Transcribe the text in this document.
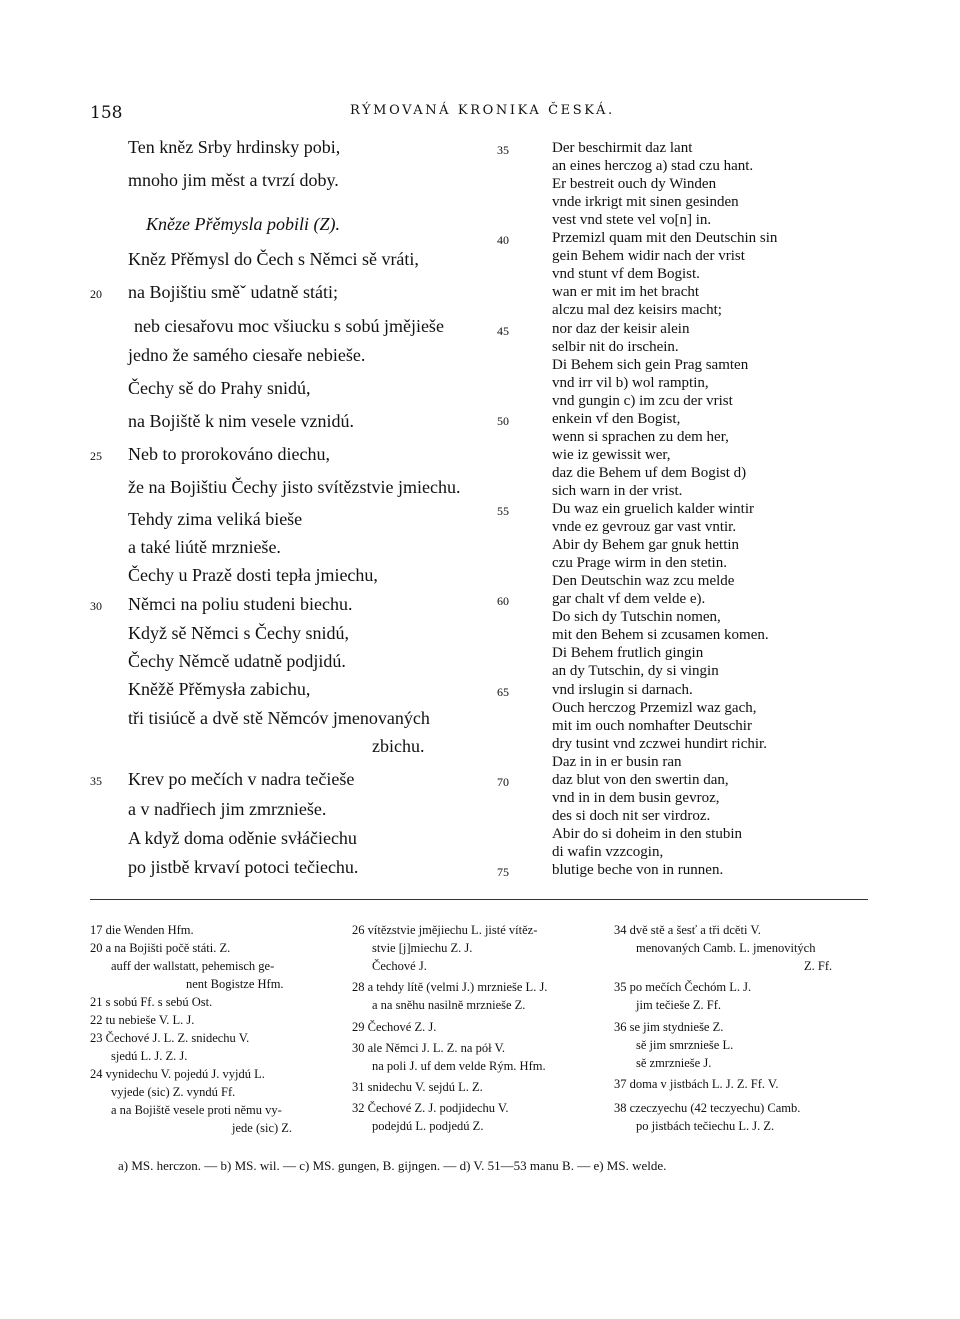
158	RÝMOVANÁ KRONIKA ČESKÁ.
Ten kněz Srby hrdinsky pobi,
mnoho jim měst a tvrzí doby.
Kněze Přěmysla pobili (Z).
Kněz Přěmysl do Čech s Němci sě vráti,
na Bojištiu směˇ udatně státi;
neb ciesařovu moc všiucku s sobú jmějieše
jedno že samého ciesaře nebieše.
Čechy sě do Prahy snidú,
na Bojiště k nim vesele vznidú.
Neb to prorokováno diechu,
že na Bojištiu Čechy jisto svítězstvie jmiechu.
Tehdy zima veliká bieše
a také liútě mrznieše.
Čechy u Prazě dosti tepła jmiechu,
Němci na poliu studeni biechu.
Když sě Němci s Čechy snidú,
Čechy Němcě udatně podjidú.
Kněžě Přěmysła zabichu,
tři tisiúcě a dvě stě Němcóv jmenovaných
zbichu.
Krev po mečích v nadra tečieše
a v nadřiech jim zmrznieše.
A když doma oděnie svłáčiechu
po jistbě krvaví potoci tečiechu.
20
25
30
35
Der beschirmit daz lant
an eines herczog a) stad czu hant.
Er bestreit ouch dy Winden
vnde irkrigt mit sinen gesinden
vest vnd stete vel vo[n] in.
Przemizl quam mit den Deutschin sin
gein Behem widir nach der vrist
vnd stunt vf dem Bogist.
wan er mit im het bracht
alczu mal dez keisirs macht;
nor daz der keisir alein
selbir nit do irschein.
Di Behem sich gein Prag samten
vnd irr vil b) wol ramptin,
vnd gungin c) im zcu der vrist
enkein vf den Bogist,
wenn si sprachen zu dem her,
wie iz gewissit wer,
daz die Behem uf dem Bogist d)
sich warn in der vrist.
Du waz ein gruelich kalder wintir
vnde ez gevrouz gar vast vntir.
Abir dy Behem gar gnuk hettin
czu Prage wirm in den stetin.
Den Deutschin waz zcu melde
gar chalt vf dem velde e).
Do sich dy Tutschin nomen,
mit den Behem si zcusamen komen.
Di Behem frutlich gingin
an dy Tutschin, dy si vingin
vnd irslugin si darnach.
Ouch herczog Przemizl waz gach,
mit im ouch nomhafter Deutschir
dry tusint vnd zczwei hundirt richir.
Daz in in er busin ran
daz blut von den swertin dan,
vnd in in dem busin gevroz,
des si doch nit ser virdroz.
Abir do si doheim in den stubin
di wafin vzzcogin,
blutige beche von in runnen.
35
40
45
50
55
60
65
70
75
17 die Wenden Hfm.
20 a na Bojišti počě státi. Z.
auff der wallstatt, pehemisch ge-
nent Bogistze Hfm.
21 s sobú Ff. s sebú Ost.
22 tu nebieše V. L. J.
23 Čechové J. L. Z. snidechu V.
sjedú L. J. Z. J.
24 vynidechu V. pojedú J. vyjdú L.
vyjede (sic) Z. vyndú Ff.
a na Bojiště vesele proti němu vy-
jede (sic) Z.
26 vítězstvie jmějiechu L. jisté vítěz-
stvie [j]miechu Z. J.
Čechové J.
28 a tehdy lítě (velmi J.) mrznieše L. J.
a na sněhu nasilně mrznieše Z.
29 Čechové Z. J.
30 ale Němci J. L. Z. na pół V.
na poli J. uf dem velde Rým. Hfm.
31 snidechu V. sejdú L. Z.
32 Čechové Z. J. podjidechu V.
podejdú L. podjedú Z.
34 dvě stě a šesť a tři dcěti V.
menovaných Camb. L. jmenovitých
Z. Ff.
35 po mečích Čechóm L. J.
jim tečieše Z. Ff.
36 se jim stydnieše Z.
sě jim smrznieše L.
sě zmrznieše J.
37 doma v jistbách L. J. Z. Ff. V.
38 czeczyechu (42 teczyechu) Camb.
po jistbách tečiechu L. J. Z.
a) MS. herczon. — b) MS. wil. — c) MS. gungen, B. gijngen. — d) V. 51—53 manu B. — e) MS. welde.
